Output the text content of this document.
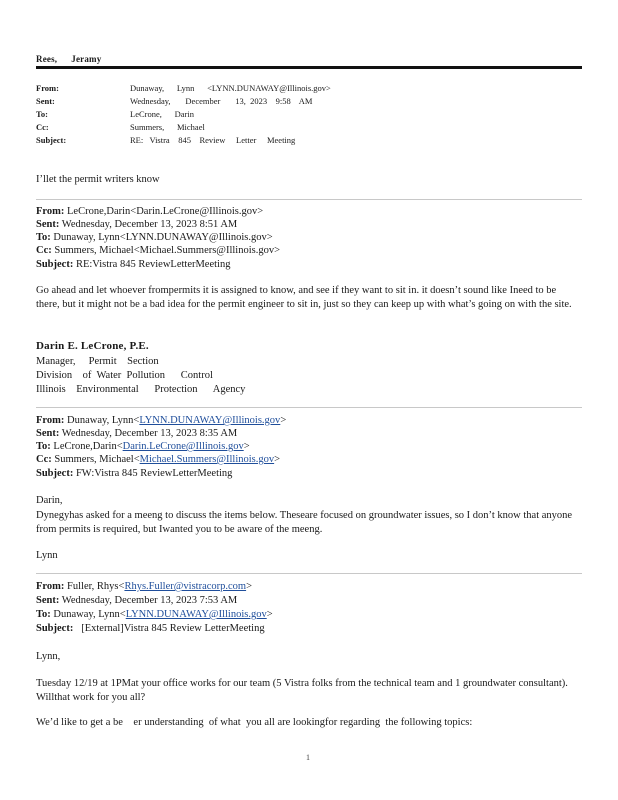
Rees, Jeramy
From:	Dunaway,      Lynn      <LYNN.DUNAWAY@Illinois.gov>
Sent:	Wednesday,       December       13,  2023    9:58    AM
To:	LeCrone,      Darin
Cc:	Summers,      Michael
Subject:	RE:   Vistra    845    Review     Letter     Meeting
I’llet the permit writers know
From: LeCrone,Darin<Darin.LeCrone@Illinois.gov>
Sent: Wednesday, December 13, 2023 8:51 AM
To: Dunaway, Lynn<LYNN.DUNAWAY@Illinois.gov>
Cc: Summers, Michael<Michael.Summers@Illinois.gov>
Subject: RE:Vistra 845 ReviewLetterMeeting
Go ahead and let whoever frompermits it is assigned to know, and see if they want to sit in. it doesn’t sound like Ineed to be there, but it might not be a bad idea for the permit engineer to sit in, just so they can keep up with what’s going on with the site.
Darin E. LeCrone, P.E.
Manager,     Permit    Section
Division    of  Water  Pollution      Control
Illinois    Environmental      Protection      Agency
From: Dunaway, Lynn<LYNN.DUNAWAY@Illinois.gov>
Sent: Wednesday, December 13, 2023 8:35 AM
To: LeCrone,Darin<Darin.LeCrone@Illinois.gov>
Cc: Summers, Michael<Michael.Summers@Illinois.gov>
Subject: FW:Vistra 845 ReviewLetterMeeting
Darin,
Dynegyhas asked for a meeng to discuss the items below. Theseare focused on groundwater issues, so I don’t know that anyone from permits is required, but Iwanted you to be aware of the meeng.
Lynn
From: Fuller, Rhys<Rhys.Fuller@vistracorp.com>
Sent: Wednesday, December 13, 2023 7:53 AM
To: Dunaway, Lynn<LYNN.DUNAWAY@Illinois.gov>
Subject:   [External]Vistra 845 Review LetterMeeting
Lynn,
Tuesday 12/19 at 1PMat your office works for our team (5 Vistra folks from the technical team and 1 groundwater consultant). Willthat work for you all?
We’d like to get a be    er understanding  of what  you all are lookingfor regarding  the following topics:
1
